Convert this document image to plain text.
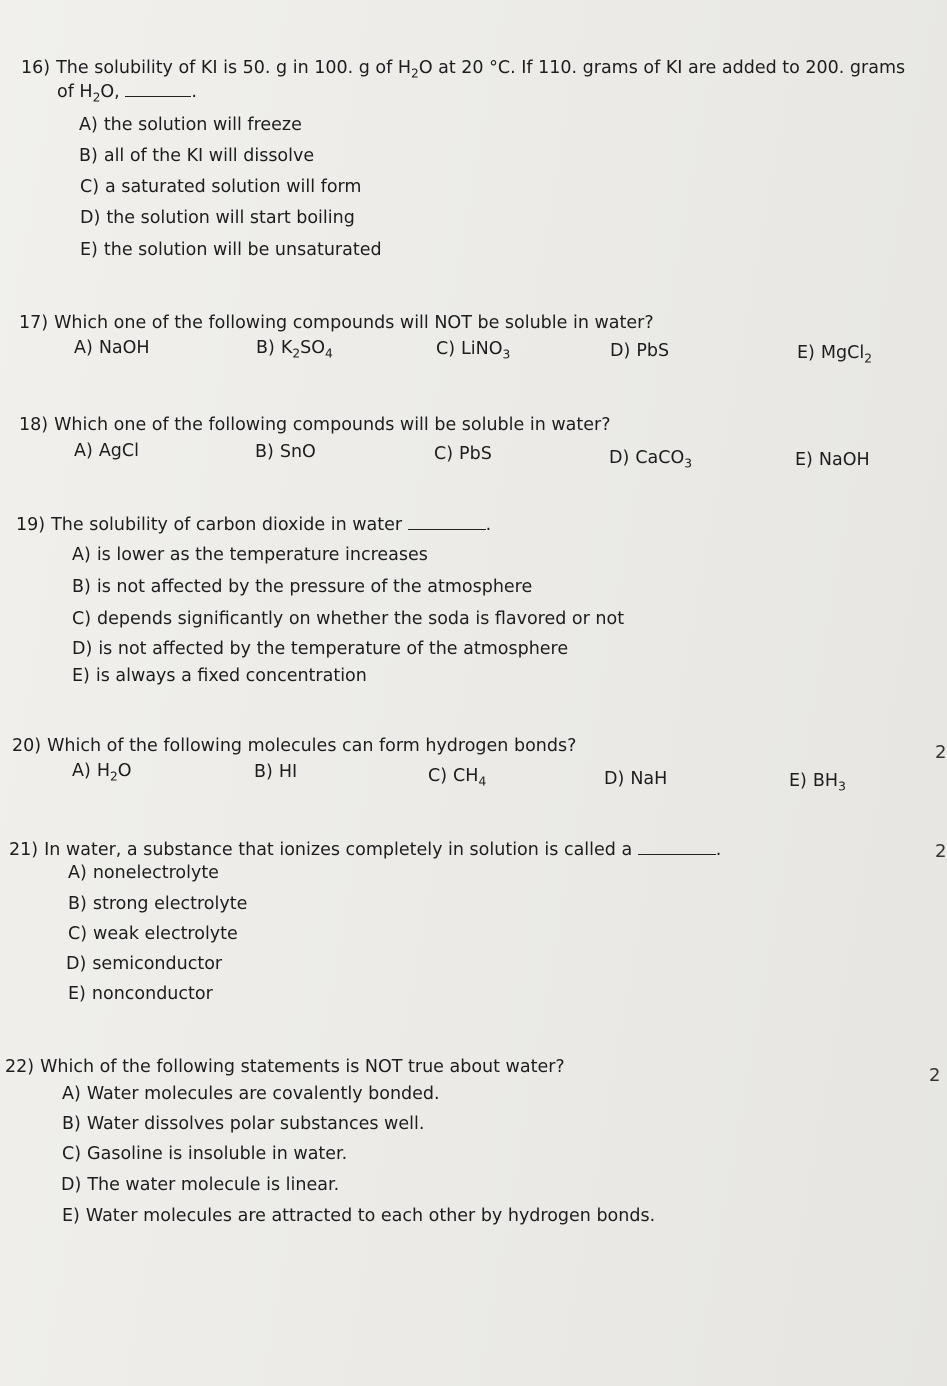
16) The solubility of KI is 50. g in 100. g of $H_2O$ at 20 °C. If 110. grams of KI are added to 200. grams
of $H_2O$,	.
A) the solution will freeze
B) all of the KI will dissolve
C) a saturated solution will form
D) the solution will start boiling
E) the solution will be unsaturated
17) Which one of the following compounds will NOT be soluble in water?
A) NaOH	B) $K_2SO_4$	C) LiNO$_3$	D) PbS	E) MgCl$_2$
18) Which one of the following compounds will be soluble in water?
A) AgCl	B) SnO	C) PbS	D) CaCO$_3$	E) NaOH
19) The solubility of carbon dioxide in water	.
A) is lower as the temperature increases
B) is not affected by the pressure of the atmosphere
C) depends significantly on whether the soda is flavored or not
D) is not affected by the temperature of the atmosphere
E) is always a fixed concentration
20) Which of the following molecules can form hydrogen bonds?
A) $H_2O$	B) HI	C) $CH_4$	D) NaH	E) $BH_3$
21) In water, a substance that ionizes completely in solution is called a	.
A) nonelectrolyte
B) strong electrolyte
C) weak electrolyte
D) semiconductor
E) nonconductor
22) Which of the following statements is NOT true about water?
A) Water molecules are covalently bonded.
B) Water dissolves polar substances well.
C) Gasoline is insoluble in water.
D) The water molecule is linear.
E) Water molecules are attracted to each other by hydrogen bonds.
2
2
2
